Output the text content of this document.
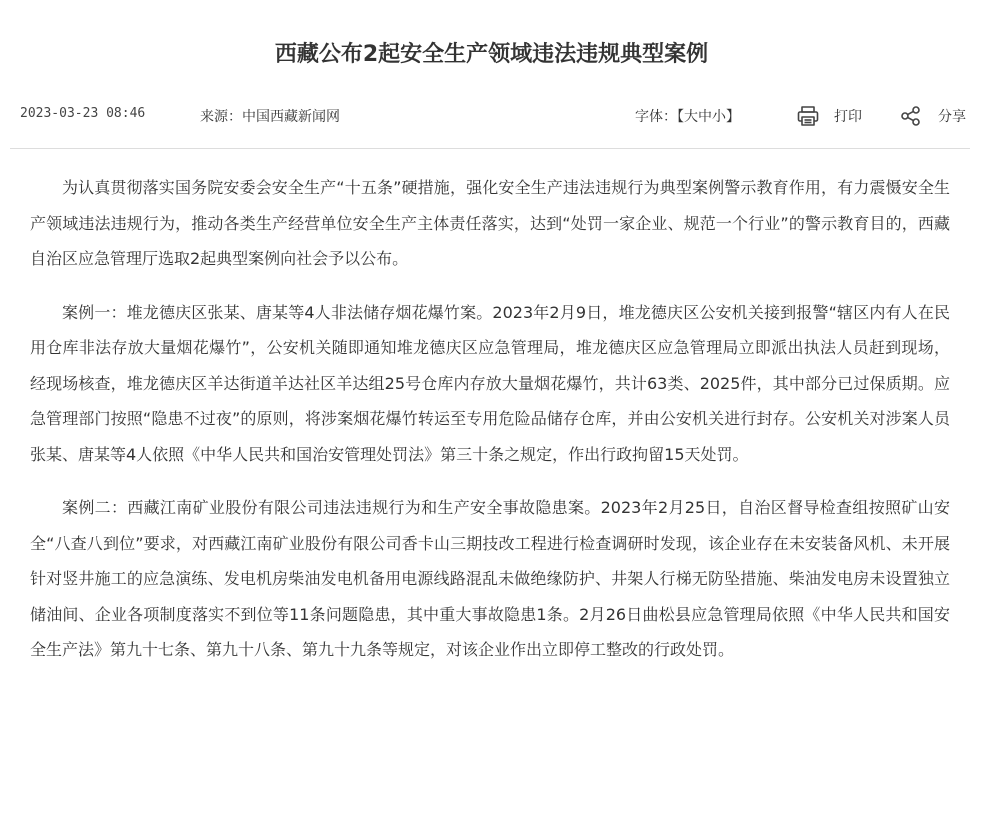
西藏公布2起安全生产领域违法违规典型案例
2023-03-23 08:46	来源：中国西藏新闻网	字体：【大中小】	打印	分享

为认真贯彻落实国务院安委会安全生产“十五条”硬措施，强化安全生产违法违规行为典型案例警示教育作用，有力震慑安全生产领域违法违规行为，推动各类生产经营单位安全生产主体责任落实，达到“处罚一家企业、规范一个行业”的警示教育目的，西藏自治区应急管理厅选取2起典型案例向社会予以公布。

案例一：堆龙德庆区张某、唐某等4人非法储存烟花爆竹案。2023年2月9日，堆龙德庆区公安机关接到报警“辖区内有人在民用仓库非法存放大量烟花爆竹”，公安机关随即通知堆龙德庆区应急管理局，堆龙德庆区应急管理局立即派出执法人员赶到现场，经现场核查，堆龙德庆区羊达街道羊达社区羊达组25号仓库内存放大量烟花爆竹，共计63类、2025件，其中部分已过保质期。应急管理部门按照“隐患不过夜”的原则，将涉案烟花爆竹转运至专用危险品储存仓库，并由公安机关进行封存。公安机关对涉案人员张某、唐某等4人依照《中华人民共和国治安管理处罚法》第三十条之规定，作出行政拘留15天处罚。

案例二：西藏江南矿业股份有限公司违法违规行为和生产安全事故隐患案。2023年2月25日，自治区督导检查组按照矿山安全“八查八到位”要求，对西藏江南矿业股份有限公司香卡山三期技改工程进行检查调研时发现，该企业存在未安装备风机、未开展针对竖井施工的应急演练、发电机房柴油发电机备用电源线路混乱未做绝缘防护、井架人行梯无防坠措施、柴油发电房未设置独立储油间、企业各项制度落实不到位等11条问题隐患，其中重大事故隐患1条。2月26日曲松县应急管理局依照《中华人民共和国安全生产法》第九十七条、第九十八条、第九十九条等规定，对该企业作出立即停工整改的行政处罚。
